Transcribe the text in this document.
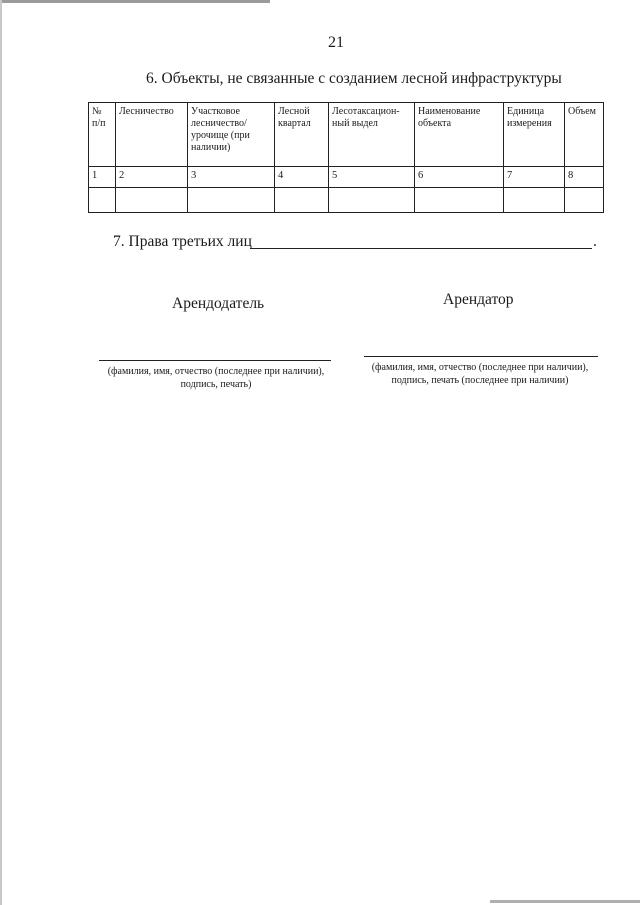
21
6. Объекты, не связанные с созданием лесной инфраструктуры
№ п/п	Лесничество	Участковое лесничество/ урочище (при наличии)	Лесной квартал	Лесотаксацион-ный выдел	Наименование объекта	Единица измерения	Объем
1	2	3	4	5	6	7	8

7. Права третьих лиц	.
Арендодатель	Арендатор
(фамилия, имя, отчество (последнее при наличии), подпись, печать)
(фамилия, имя, отчество (последнее при наличии), подпись, печать (последнее при наличии)
